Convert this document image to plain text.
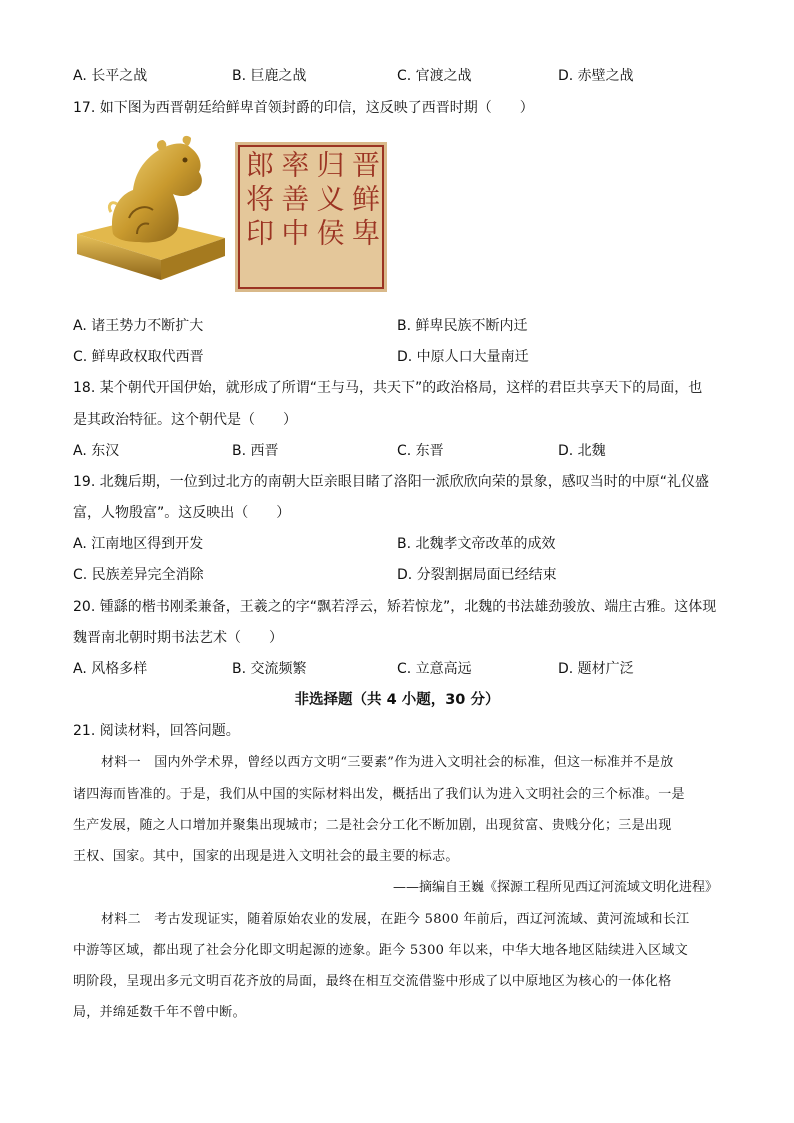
A. 长平之战	B. 巨鹿之战	C. 官渡之战	D. 赤壁之战
17. 如下图为西晋朝廷给鲜卑首领封爵的印信，这反映了西晋时期（　　）
晋鲜卑
归义侯
率善中
郎将印
A. 诸王势力不断扩大	B. 鲜卑民族不断内迁
C. 鲜卑政权取代西晋	D. 中原人口大量南迁
18. 某个朝代开国伊始，就形成了所谓“王与马，共天下”的政治格局，这样的君臣共享天下的局面，也
是其政治特征。这个朝代是（　　）
A. 东汉	B. 西晋	C. 东晋	D. 北魏
19. 北魏后期，一位到过北方的南朝大臣亲眼目睹了洛阳一派欣欣向荣的景象，感叹当时的中原“礼仪盛
富，人物殷富”。这反映出（　　）
A. 江南地区得到开发	B. 北魏孝文帝改革的成效
C. 民族差异完全消除	D. 分裂割据局面已经结束
20. 锺繇的楷书刚柔兼备，王羲之的字“飘若浮云，矫若惊龙”，北魏的书法雄劲骏放、端庄古雅。这体现
魏晋南北朝时期书法艺术（　　）
A. 风格多样	B. 交流频繁	C. 立意高远	D. 题材广泛
非选择题（共 4 小题，30 分）
21. 阅读材料，回答问题。
材料一　国内外学术界，曾经以西方文明“三要素”作为进入文明社会的标准，但这一标准并不是放
诸四海而皆准的。于是，我们从中国的实际材料出发，概括出了我们认为进入文明社会的三个标准。一是
生产发展，随之人口增加并聚集出现城市；二是社会分工化不断加剧，出现贫富、贵贱分化；三是出现
王权、国家。其中，国家的出现是进入文明社会的最主要的标志。
——摘编自王巍《探源工程所见西辽河流域文明化进程》
材料二　考古发现证实，随着原始农业的发展，在距今 5800 年前后，西辽河流域、黄河流域和长江
中游等区域，都出现了社会分化即文明起源的迹象。距今 5300 年以来，中华大地各地区陆续进入区域文
明阶段，呈现出多元文明百花齐放的局面，最终在相互交流借鉴中形成了以中原地区为核心的一体化格
局，并绵延数千年不曾中断。
